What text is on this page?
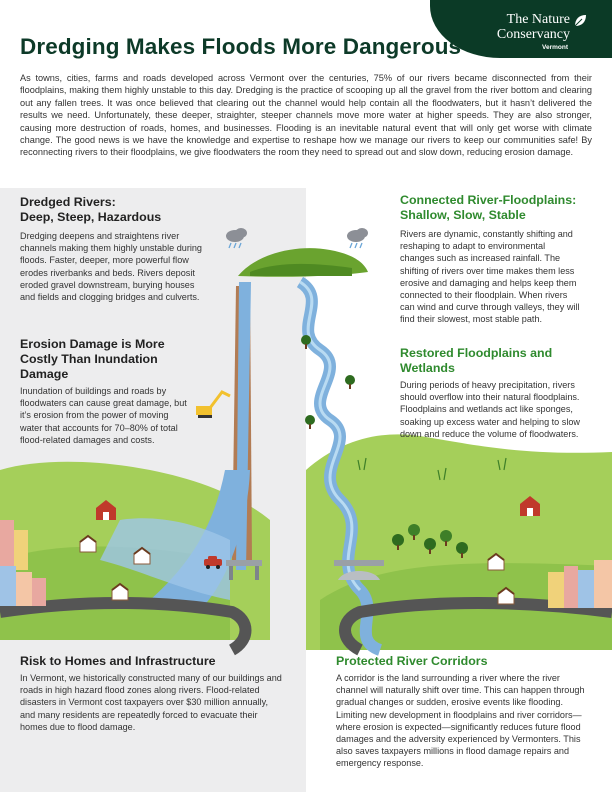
The Nature
Conservancy
Vermont
Dredging Makes Floods More Dangerous

As towns, cities, farms and roads developed across Vermont over the centuries, 75% of our rivers became disconnected from their floodplains, making them highly unstable to this day. Dredging is the practice of scooping up all the gravel from the river bottom and clearing out any fallen trees. It was once believed that clearing out the channel would help contain all the floodwaters, but it hasn’t delivered the results we need. Unfortunately, these deeper, straighter, steeper channels move more water at higher speeds. They are also stronger, causing more destruction of roads, homes, and businesses. Flooding is an inevitable natural event that will only get worse with climate change. The good news is we have the knowledge and expertise to reshape how we manage our rivers to keep our communities safe! By reconnecting rivers to their floodplains, we give floodwaters the room they need to spread out and slow down, reducing erosion damage.

Dredged Rivers:

Deep, Steep, Hazardous

Dredging deepens and straightens river channels making them highly unstable during floods. Faster, deeper, more powerful flow erodes riverbanks and beds. Rivers deposit eroded gravel downstream, burying houses and fields and clogging bridges and culverts.

Erosion Damage is More

Costly Than Inundation

Damage

Inundation of buildings and roads by floodwaters can cause great damage, but it’s erosion from the power of moving water that accounts for 70–80% of total flood-related damages and costs.

Risk to Homes and Infrastructure

In Vermont, we historically constructed many of our buildings and roads in high hazard flood zones along rivers. Flood-related disasters in Vermont cost taxpayers over $30 million annually, and many residents are repeatedly forced to evacuate their homes due to flood damage.

Connected River-Floodplains:

Shallow, Slow, Stable

Rivers are dynamic, constantly shifting and reshaping to adapt to environmental changes such as increased rainfall. The shifting of rivers over time makes them less erosive and damaging and helps keep them connected to their floodplain. When rivers can wind and curve through valleys, they will find their slowest, most stable path.

Restored Floodplains and

Wetlands

During periods of heavy precipitation, rivers should overflow into their natural floodplains. Floodplains and wetlands act like sponges, soaking up excess water and helping to slow down and reduce the volume of floodwaters.

Protected River Corridors

A corridor is the land surrounding a river where the river channel will naturally shift over time. This can happen through gradual changes or sudden, erosive events like flooding. Limiting new development in floodplains and river corridors—where erosion is expected—significantly reduces future flood damages and the adversity experienced by Vermonters. This also saves taxpayers millions in flood damage repairs and emergency response.
